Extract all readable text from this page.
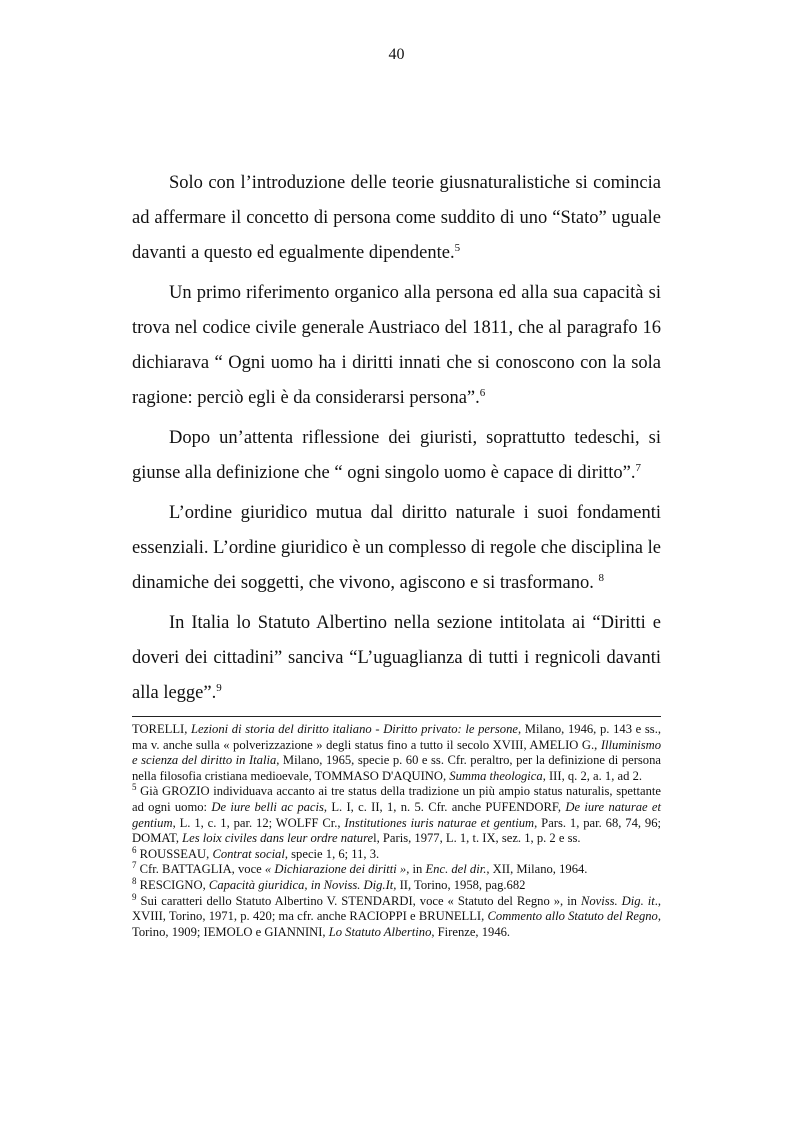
40

Solo con l’introduzione delle teorie giusnaturalistiche si comincia ad affermare il concetto di persona come suddito di uno “Stato” uguale davanti a questo ed egualmente dipendente.$^5$

Un primo riferimento organico alla persona ed alla sua capacità si trova nel codice civile generale Austriaco del 1811, che al paragrafo 16 dichiarava “ Ogni uomo ha i diritti innati che si conoscono con la sola ragione: perciò egli è da considerarsi persona”.$^6$

Dopo un’attenta riflessione dei giuristi, soprattutto tedeschi, si giunse alla definizione che “ ogni singolo uomo è capace di diritto”.$^7$

L’ordine giuridico mutua dal diritto naturale i suoi fondamenti essenziali. L’ordine giuridico è un complesso di regole che disciplina le dinamiche dei soggetti, che vivono, agiscono e si trasformano. $^8$

In Italia lo Statuto Albertino nella sezione intitolata ai “Diritti e doveri dei cittadini” sanciva “L’uguaglianza di tutti i regnicoli davanti alla legge”.$^9$

TORELLI, Lezioni di storia del diritto italiano - Diritto privato: le persone, Milano, 1946, p. 143 e ss., ma v. anche sulla « polverizzazione » degli status fino a tutto il secolo XVIII, AMELIO G., Illuminismo e scienza del diritto in Italia, Milano, 1965, specie p. 60 e ss. Cfr. peraltro, per la definizione di persona nella filosofia cristiana medioevale, TOMMASO D'AQUINO, Summa theologica, III, q. 2, a. 1, ad 2.

$^5$ Già GROZIO individuava accanto ai tre status della tradizione un più ampio status naturalis, spettante ad ogni uomo: De iure belli ac pacis, L. I, c. II, 1, n. 5. Cfr. anche PUFENDORF, De iure naturae et gentium, L. 1, c. 1, par. 12; WOLFF Cr., Institutiones iuris naturae et gentium, Pars. 1, par. 68, 74, 96; DOMAT, Les loix civiles dans leur ordre naturel, Paris, 1977, L. 1, t. IX, sez. 1, p. 2 e ss.

$^6$ ROUSSEAU, Contrat social, specie 1, 6; 11, 3.

$^7$ Cfr. BATTAGLIA, voce « Dichiarazione dei diritti », in Enc. del dir., XII, Milano, 1964.

$^8$ RESCIGNO, Capacità giuridica, in Noviss. Dig.It, II, Torino, 1958, pag.682

$^9$ Sui caratteri dello Statuto Albertino V. STENDARDI, voce « Statuto del Regno », in Noviss. Dig. it., XVIII, Torino, 1971, p. 420; ma cfr. anche RACIOPPI e BRUNELLI, Commento allo Statuto del Regno, Torino, 1909; IEMOLO e GIANNINI, Lo Statuto Albertino, Firenze, 1946.
